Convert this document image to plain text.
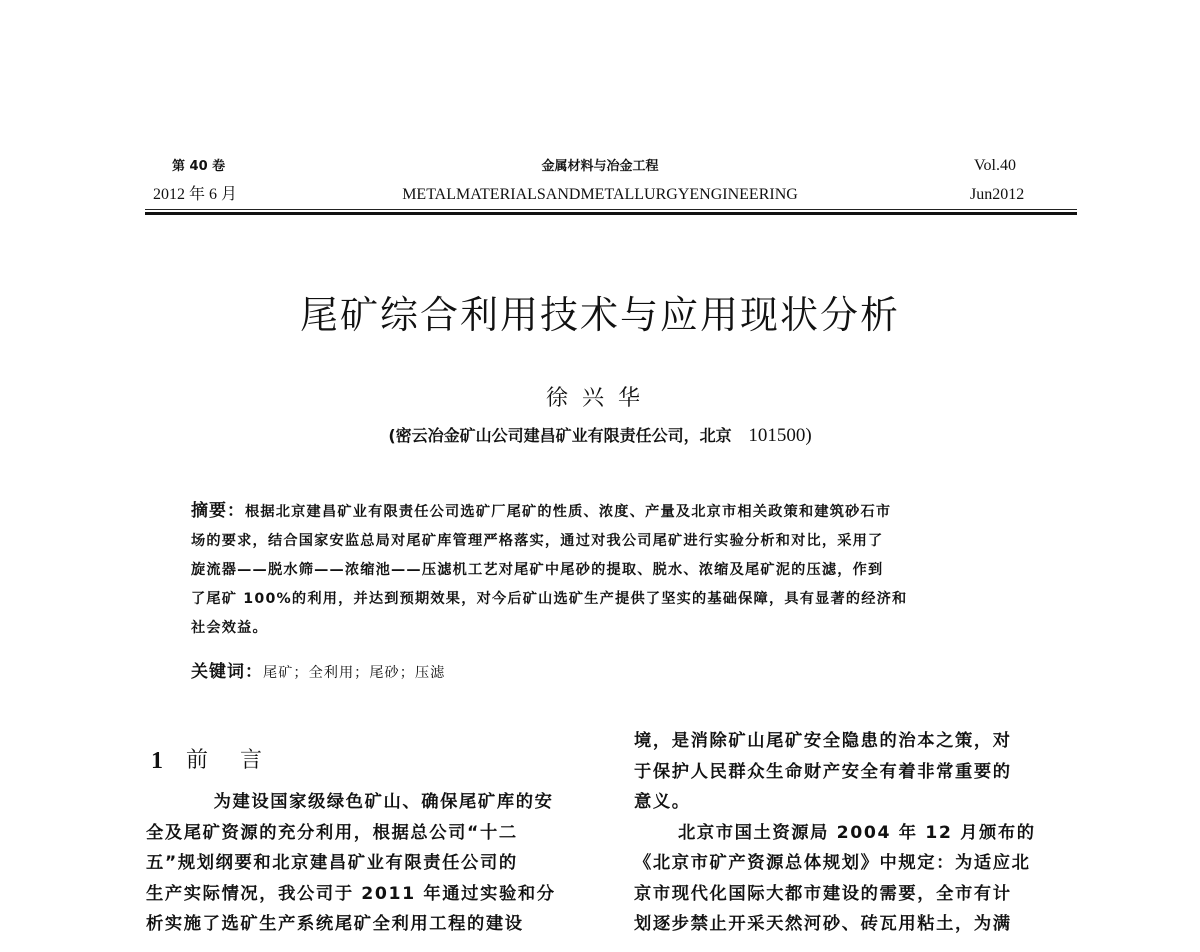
第 40 卷
2012 年 6 月
金属材料与冶金工程
METALMATERIALSANDMETALLURGYENGINEERING
Vol.40
Jun2012
尾矿综合利用技术与应用现状分析
徐兴华
(密云冶金矿山公司建昌矿业有限责任公司，北京 101500)
摘要：根据北京建昌矿业有限责任公司选矿厂尾矿的性质、浓度、产量及北京市相关政策和建筑砂石市
场的要求，结合国家安监总局对尾矿库管理严格落实，通过对我公司尾矿进行实验分析和对比，采用了
旋流器——脱水筛——浓缩池——压滤机工艺对尾矿中尾砂的提取、脱水、浓缩及尾矿泥的压滤，作到
了尾矿 100%的利用，并达到预期效果，对今后矿山选矿生产提供了坚实的基础保障，具有显著的经济和
社会效益。
关键词：尾矿；全利用；尾砂；压滤
1 前言
为建设国家级绿色矿山、确保尾矿库的安
全及尾矿资源的充分利用，根据总公司“十二
五”规划纲要和北京建昌矿业有限责任公司的
生产实际情况，我公司于 2011 年通过实验和分
析实施了选矿生产系统尾矿全利用工程的建设
境，是消除矿山尾矿安全隐患的治本之策，对
于保护人民群众生命财产安全有着非常重要的
意义。
北京市国土资源局 2004 年 12 月颁布的
《北京市矿产资源总体规划》中规定：为适应北
京市现代化国际大都市建设的需要，全市有计
划逐步禁止开采天然河砂、砖瓦用粘土，为满
